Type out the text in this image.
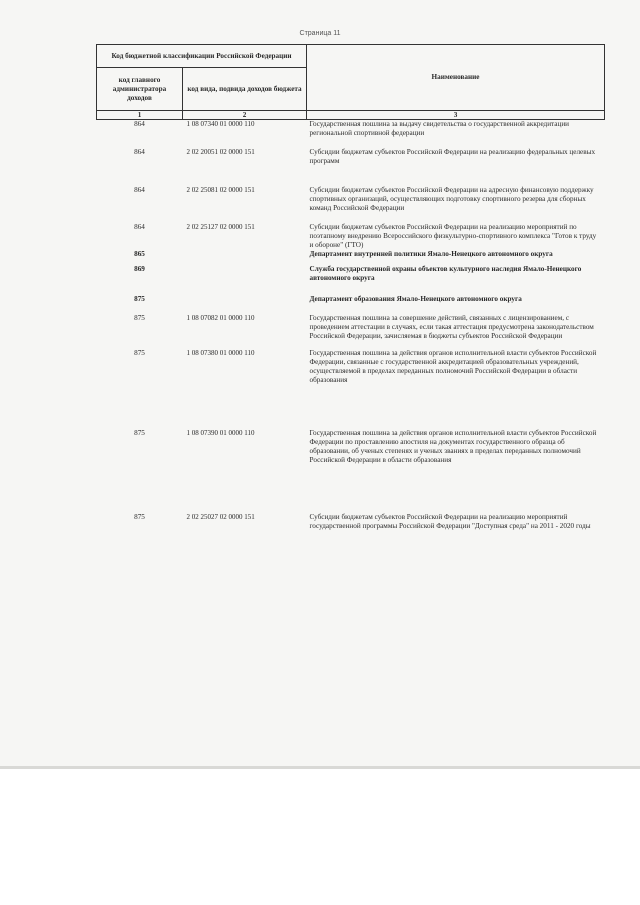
Страница 11
Код бюджетной классификации Российской Федерации		Наименование
код главного администратора доходов	код вида, подвида доходов бюджета	
1	2	3
864	1 08 07340 01 0000 110	Государственная пошлина за выдачу свидетельства о государственной аккредитации региональной спортивной федерации
864	2 02 20051 02 0000 151	Субсидии бюджетам субъектов Российской Федерации на реализацию федеральных целевых программ
864	2 02 25081 02 0000 151	Субсидии бюджетам субъектов Российской Федерации на адресную финансовую поддержку спортивных организаций, осуществляющих подготовку спортивного резерва для сборных команд Российской Федерации
864	2 02 25127 02 0000 151	Субсидии бюджетам субъектов Российской Федерации на реализацию мероприятий по поэтапному внедрению Всероссийского физкультурно-спортивного комплекса "Готов к труду и обороне" (ГТО)
865		Департамент внутренней политики Ямало-Ненецкого автономного округа
869		Служба государственной охраны объектов культурного наследия Ямало-Ненецкого автономного округа
875		Департамент образования Ямало-Ненецкого автономного округа
875	1 08 07082 01 0000 110	Государственная пошлина за совершение действий, связанных с лицензированием, с проведением аттестации в случаях, если такая аттестация предусмотрена законодательством Российской Федерации, зачисляемая в бюджеты субъектов Российской Федерации
875	1 08 07380 01 0000 110	Государственная пошлина за действия органов исполнительной власти субъектов Российской Федерации, связанные с государственной аккредитацией образовательных учреждений, осуществляемой в пределах переданных полномочий Российской Федерации в области образования
875	1 08 07390 01 0000 110	Государственная пошлина за действия органов исполнительной власти субъектов Российской Федерации по проставлению апостиля на документах государственного образца об образовании, об ученых степенях и ученых званиях в пределах переданных полномочий Российской Федерации в области образования
875	2 02 25027 02 0000 151	Субсидии бюджетам субъектов Российской Федерации на реализацию мероприятий государственной программы Российской Федерации "Доступная среда" на 2011 - 2020 годы
